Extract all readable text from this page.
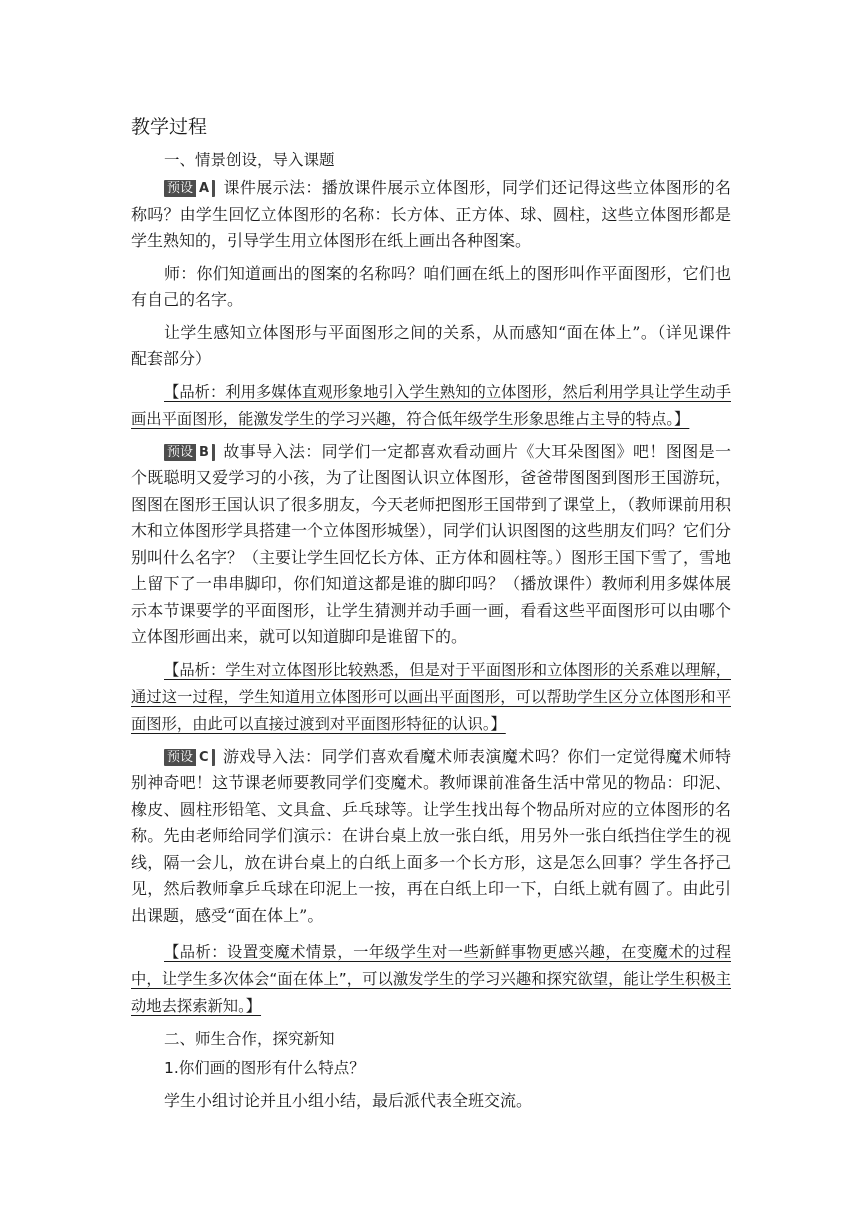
教学过程
一、情景创设，导入课题

预设 A 课件展示法：播放课件展示立体图形，同学们还记得这些立体图形的名称吗？由学生回忆立体图形的名称：长方体、正方体、球、圆柱，这些立体图形都是学生熟知的，引导学生用立体图形在纸上画出各种图案。

师：你们知道画出的图案的名称吗？咱们画在纸上的图形叫作平面图形，它们也有自己的名字。

让学生感知立体图形与平面图形之间的关系，从而感知“面在体上”。（详见课件配套部分）

【品析：利用多媒体直观形象地引入学生熟知的立体图形，然后利用学具让学生动手画出平面图形，能激发学生的学习兴趣，符合低年级学生形象思维占主导的特点。】

预设 B 故事导入法：同学们一定都喜欢看动画片《大耳朵图图》吧！图图是一个既聪明又爱学习的小孩，为了让图图认识立体图形，爸爸带图图到图形王国游玩，图图在图形王国认识了很多朋友，今天老师把图形王国带到了课堂上，（教师课前用积木和立体图形学具搭建一个立体图形城堡），同学们认识图图的这些朋友们吗？它们分别叫什么名字？（主要让学生回忆长方体、正方体和圆柱等。）图形王国下雪了，雪地上留下了一串串脚印，你们知道这都是谁的脚印吗？（播放课件）教师利用多媒体展示本节课要学的平面图形，让学生猜测并动手画一画，看看这些平面图形可以由哪个立体图形画出来，就可以知道脚印是谁留下的。

【品析：学生对立体图形比较熟悉，但是对于平面图形和立体图形的关系难以理解，通过这一过程，学生知道用立体图形可以画出平面图形，可以帮助学生区分立体图形和平面图形，由此可以直接过渡到对平面图形特征的认识。】

预设 C 游戏导入法：同学们喜欢看魔术师表演魔术吗？你们一定觉得魔术师特别神奇吧！这节课老师要教同学们变魔术。教师课前准备生活中常见的物品：印泥、橡皮、圆柱形铅笔、文具盒、乒乓球等。让学生找出每个物品所对应的立体图形的名称。先由老师给同学们演示：在讲台桌上放一张白纸，用另外一张白纸挡住学生的视线，隔一会儿，放在讲台桌上的白纸上面多一个长方形，这是怎么回事？学生各抒己见，然后教师拿乒乓球在印泥上一按，再在白纸上印一下，白纸上就有圆了。由此引出课题，感受“面在体上”。

【品析：设置变魔术情景，一年级学生对一些新鲜事物更感兴趣，在变魔术的过程中，让学生多次体会“面在体上”，可以激发学生的学习兴趣和探究欲望，能让学生积极主动地去探索新知。】

二、师生合作，探究新知
1.你们画的图形有什么特点？

学生小组讨论并且小组小结，最后派代表全班交流。
